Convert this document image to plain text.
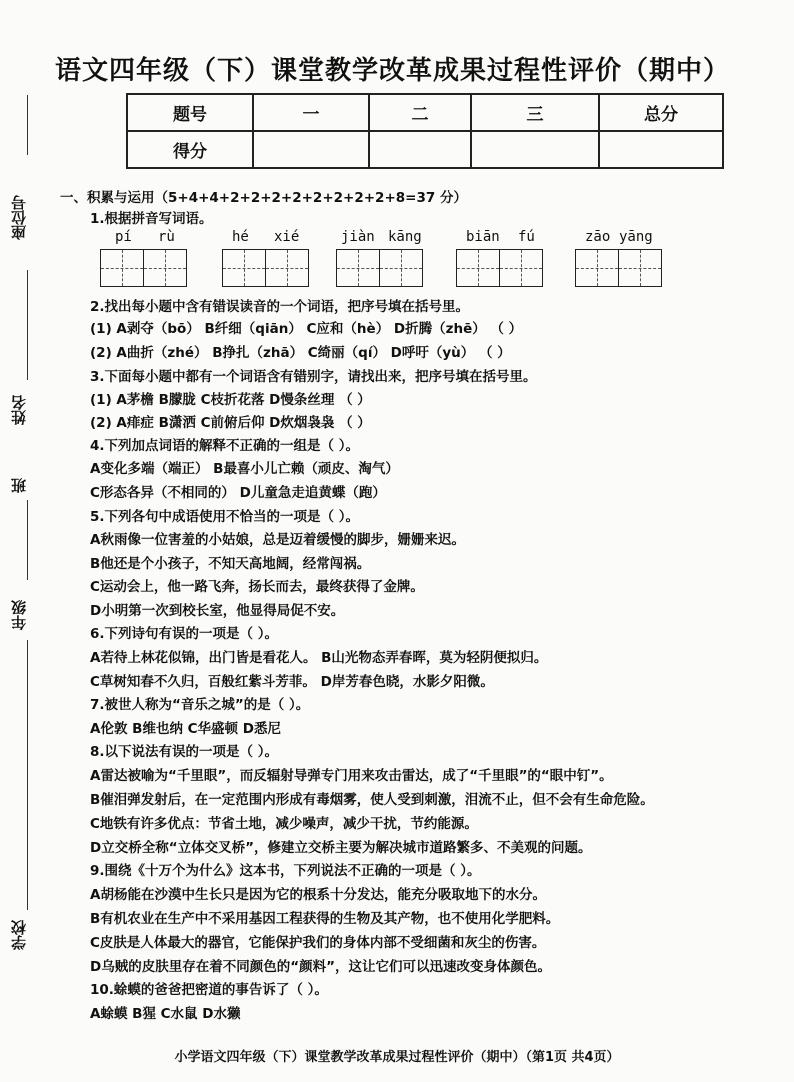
语文四年级（下）课堂教学改革成果过程性评价（期中）
题号	一	二	三	总分
得分				
座位号
姓名
班
年级
学校
一、积累与运用（5+4+4+2+2+2+2+2+2+2+2+8=37 分）
1.根据拼音写词语。
pí rù	hé xié	jiàn kāng	biān fú	zāo yāng
2.找出每小题中含有错误读音的一个词语，把序号填在括号里。
(1) A剥夺（bō） B纤细（qiān） C应和（hè） D折腾（zhē） （ ）
(2) A曲折（zhé） B挣扎（zhā） C绮丽（qí） D呼吁（yù） （ ）
3.下面每小题中都有一个词语含有错别字，请找出来，把序号填在括号里。
(1) A茅檐 B朦胧 C枝折花落 D慢条丝理 （ ）
(2) A痱症 B潇洒 C前俯后仰 D炊烟袅袅 （ ）
4.下列加点词语的解释不正确的一组是（ ）。
A变化多端（端正） B最喜小儿亡赖（顽皮、淘气）
C形态各异（不相同的） D儿童急走追黄蝶（跑）
5.下列各句中成语使用不恰当的一项是（ ）。
A秋雨像一位害羞的小姑娘，总是迈着缓慢的脚步，姗姗来迟。
B他还是个小孩子，不知天高地阔，经常闯祸。
C运动会上，他一路飞奔，扬长而去，最终获得了金牌。
D小明第一次到校长室，他显得局促不安。
6.下列诗句有误的一项是（ ）。
A若待上林花似锦，出门皆是看花人。 B山光物态弄春晖，莫为轻阴便拟归。
C草树知春不久归，百般红紫斗芳菲。 D岸芳春色晓，水影夕阳微。
7.被世人称为“音乐之城”的是（ ）。
A伦敦 B维也纳 C华盛顿 D悉尼
8.以下说法有误的一项是（ ）。
A雷达被喻为“千里眼”，而反辐射导弹专门用来攻击雷达，成了“千里眼”的“眼中钉”。
B催泪弹发射后，在一定范围内形成有毒烟雾，使人受到刺激，泪流不止，但不会有生命危险。
C地铁有许多优点：节省土地，减少噪声，减少干扰，节约能源。
D立交桥全称“立体交叉桥”，修建立交桥主要为解决城市道路繁多、不美观的问题。
9.围绕《十万个为什么》这本书，下列说法不正确的一项是（ ）。
A胡杨能在沙漠中生长只是因为它的根系十分发达，能充分吸取地下的水分。
B有机农业在生产中不采用基因工程获得的生物及其产物，也不使用化学肥料。
C皮肤是人体最大的器官，它能保护我们的身体内部不受细菌和灰尘的伤害。
D乌贼的皮肤里存在着不同颜色的“颜料”，这让它们可以迅速改变身体颜色。
10.蜍蟆的爸爸把密道的事告诉了（ ）。
A蜍蟆 B猩 C水鼠 D水獭
小学语文四年级（下）课堂教学改革成果过程性评价（期中）（第1页 共4页）
